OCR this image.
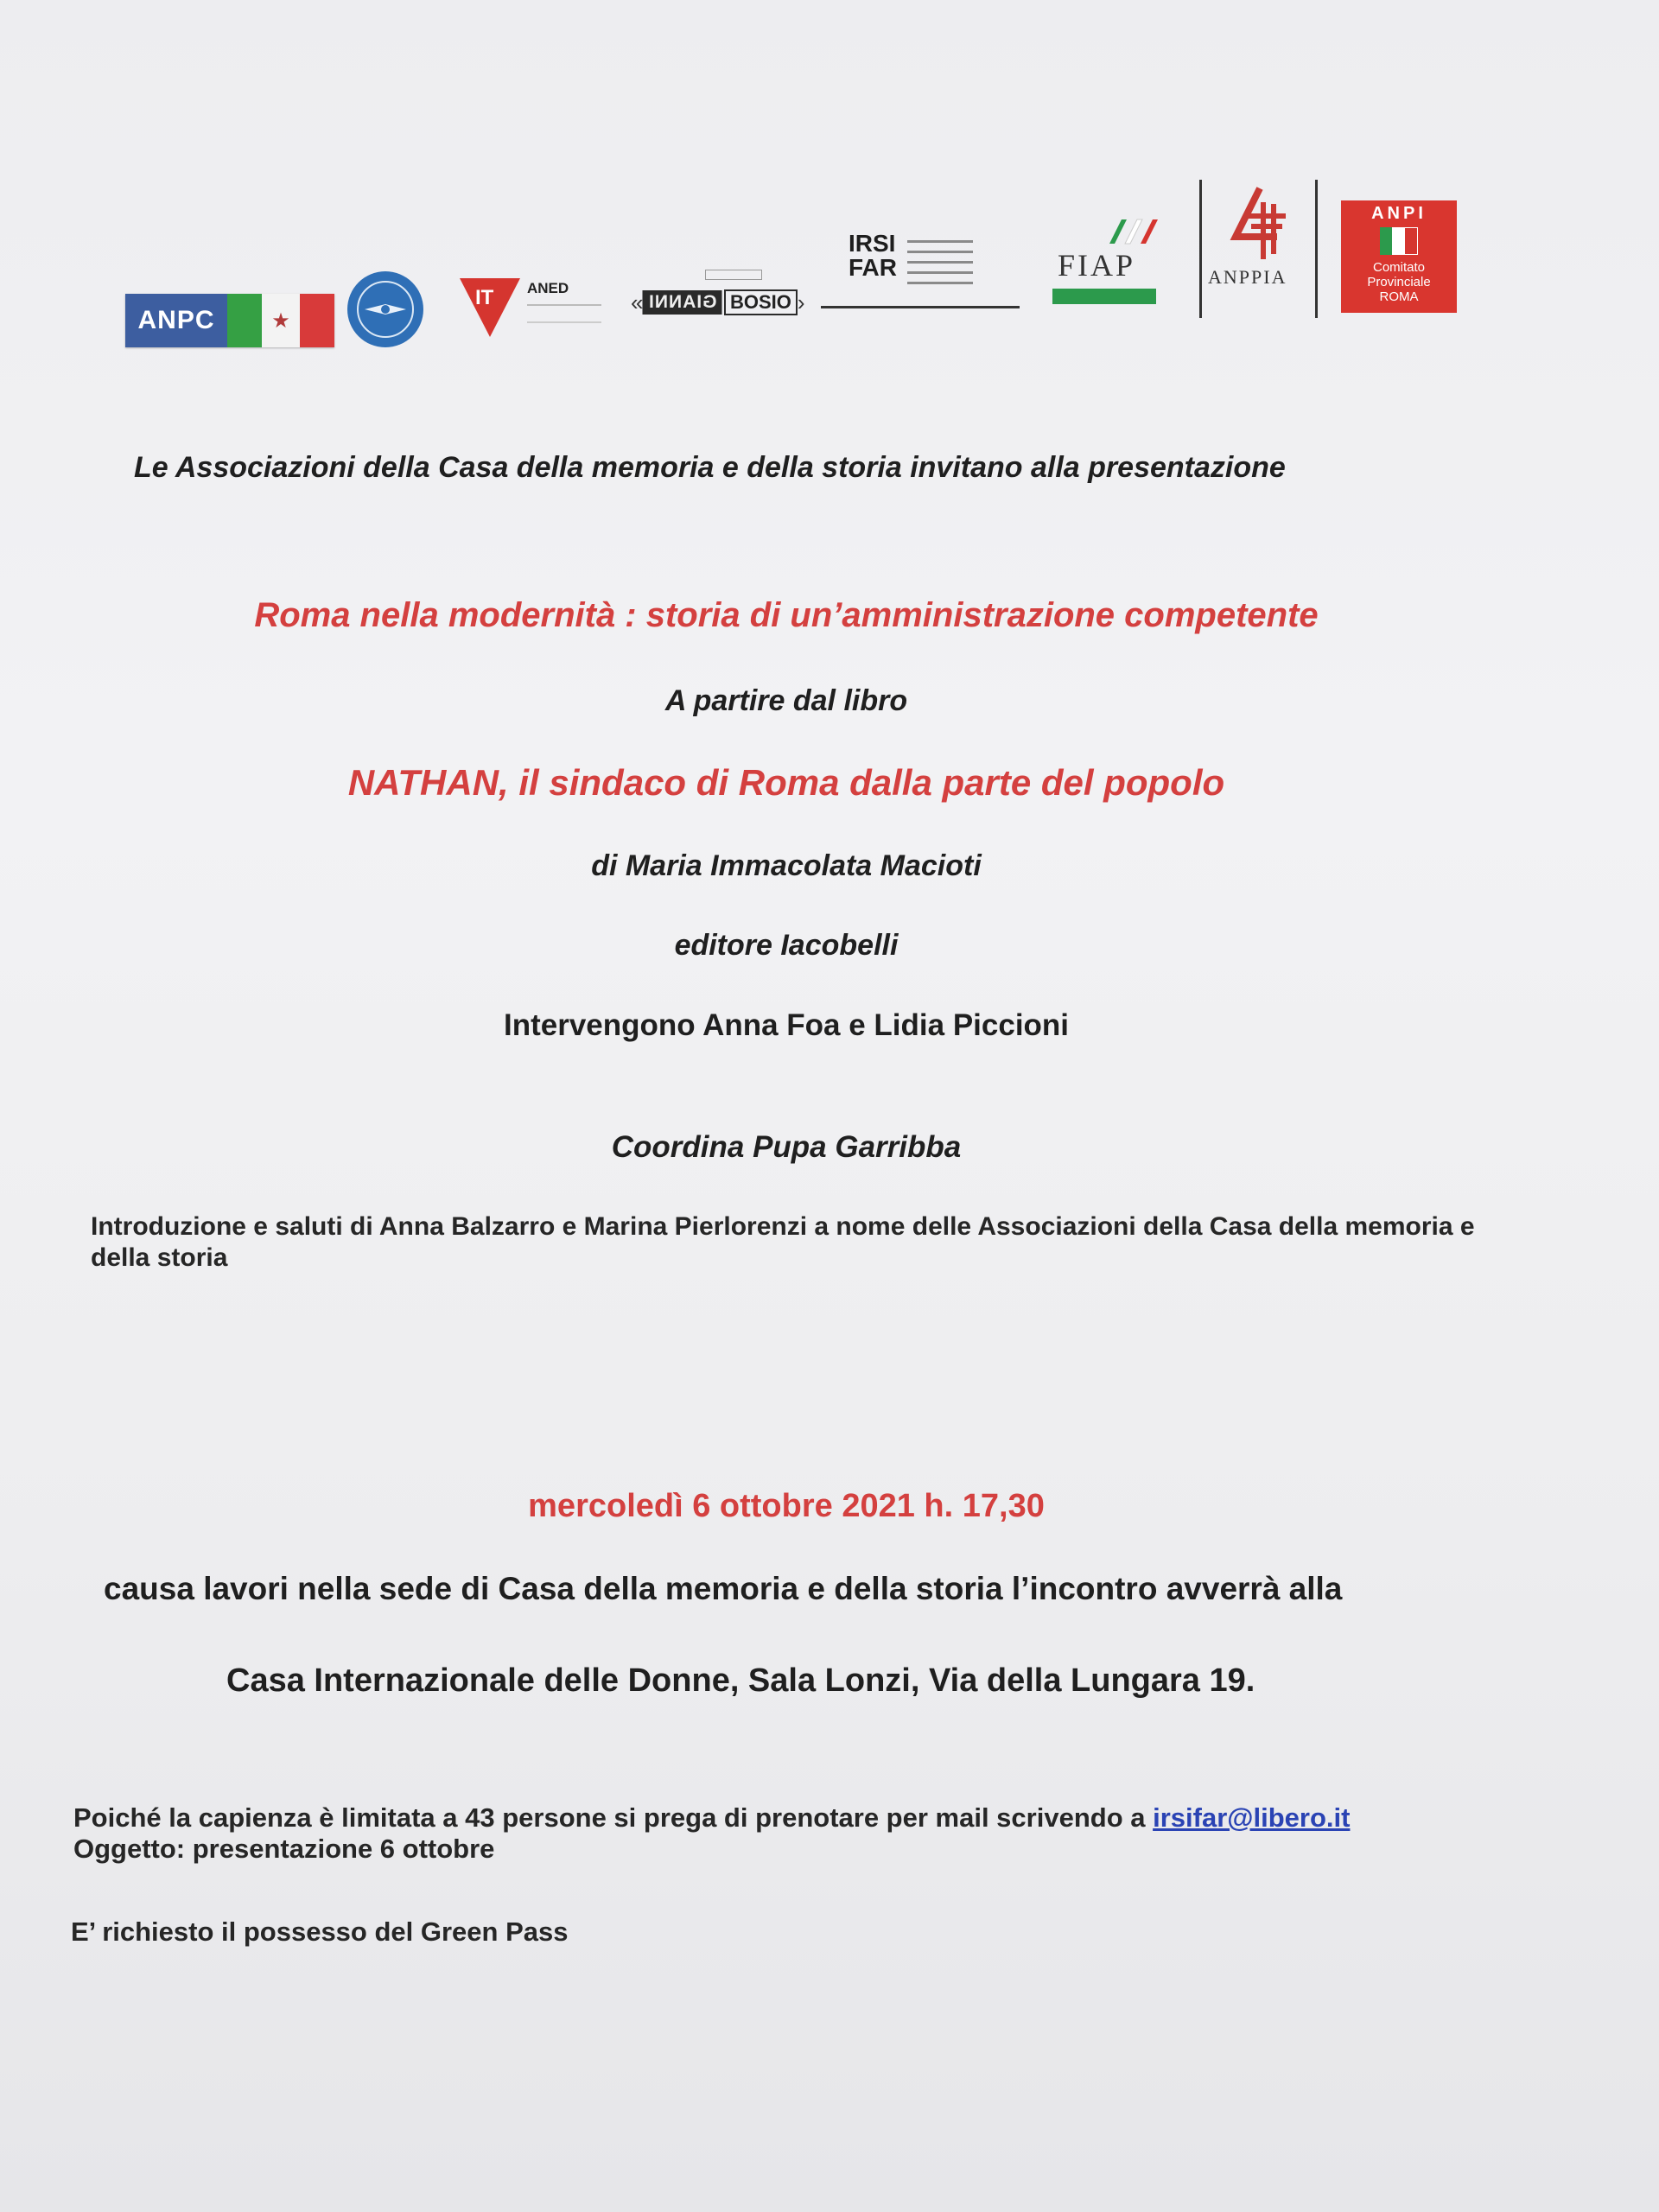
ANPC	★
IT ANED
« GIANNI BOSIO ›
IRSI
FAR	FIAP	ANPPIA
ANPI
Comitato
Provinciale
ROMA
Le Associazioni della Casa della memoria e della storia invitano alla presentazione
Roma nella modernità : storia di un’amministrazione competente
A partire dal libro
NATHAN, il sindaco di Roma dalla parte del popolo
di Maria Immacolata Macioti
editore Iacobelli
Intervengono Anna Foa e Lidia Piccioni
Coordina Pupa Garribba
Introduzione e saluti di Anna Balzarro e Marina Pierlorenzi a nome delle Associazioni della Casa della memoria e della storia
mercoledì 6 ottobre 2021 h. 17,30
causa lavori nella sede di Casa della memoria e della storia l’incontro avverrà alla
Casa Internazionale delle Donne, Sala Lonzi, Via della Lungara 19.
Poiché la capienza è limitata a 43 persone si prega di prenotare per mail scrivendo a irsifar@libero.it
Oggetto: presentazione 6 ottobre
E’ richiesto il possesso del Green Pass
